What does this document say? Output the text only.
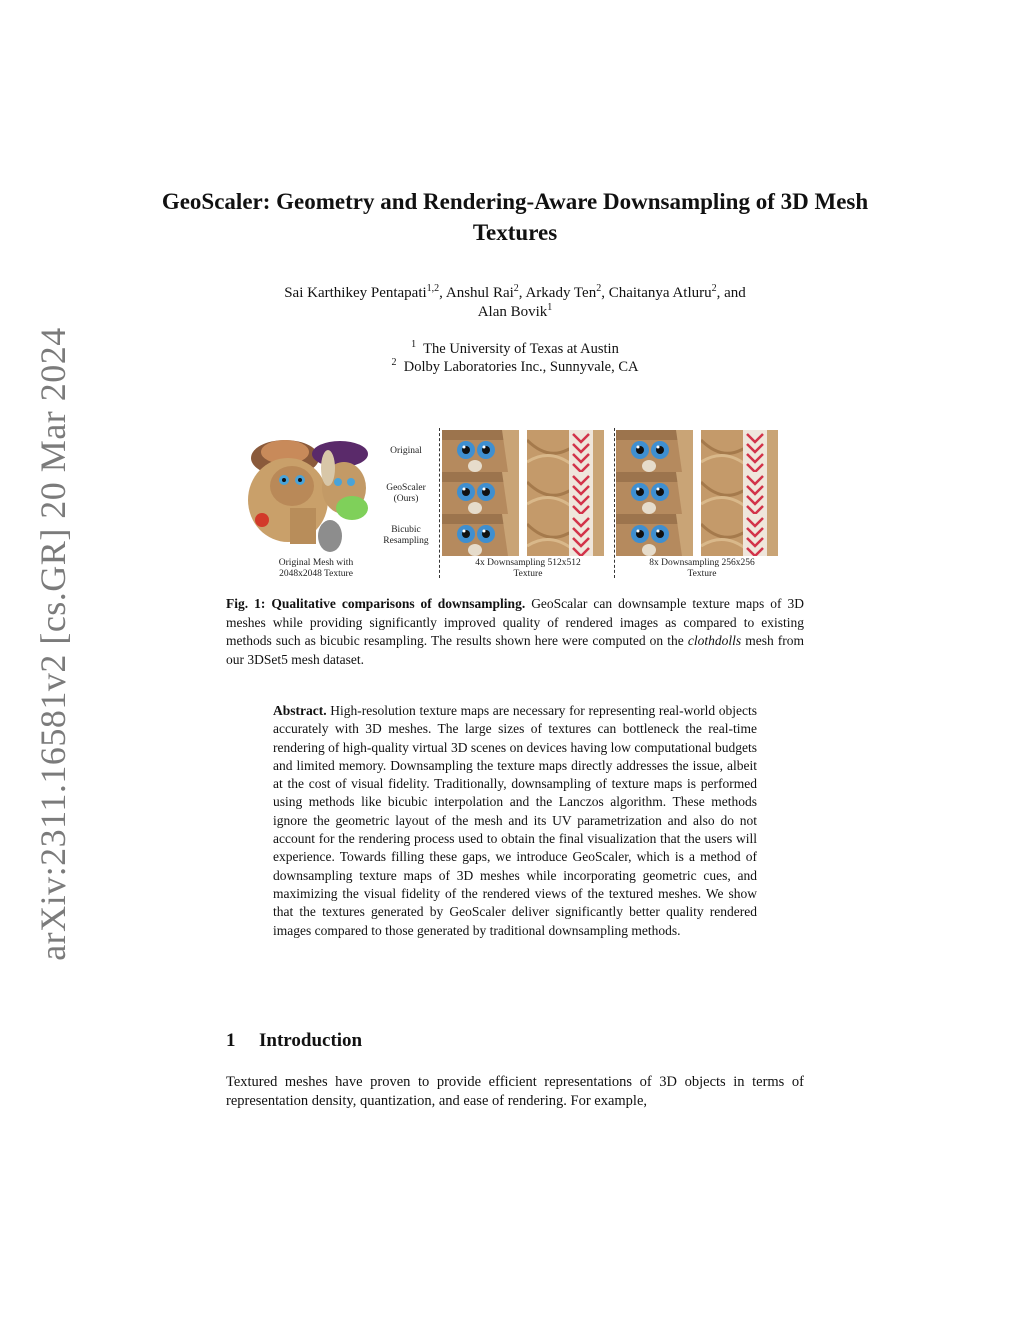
arXiv:2311.16581v2 [cs.GR] 20 Mar 2024
GeoScaler: Geometry and Rendering-Aware Downsampling of 3D Mesh Textures
Sai Karthikey Pentapati$^{1,2}$, Anshul Rai$^2$, Arkady Ten$^2$, Chaitanya Atluru$^2$, and
Alan Bovik$^1$
$^1$ The University of Texas at Austin
$^2$ Dolby Laboratories Inc., Sunnyvale, CA
Original
GeoScaler (Ours)
Bicubic Resampling
Original Mesh with 2048x2048 Texture
4x Downsampling 512x512 Texture
8x Downsampling 256x256 Texture
Fig. 1: Qualitative comparisons of downsampling. GeoScalar can downsample texture maps of 3D meshes while providing significantly improved quality of rendered images as compared to existing methods such as bicubic resampling. The results shown here were computed on the clothdolls mesh from our 3DSet5 mesh dataset.
Abstract. High-resolution texture maps are necessary for representing real-world objects accurately with 3D meshes. The large sizes of textures can bottleneck the real-time rendering of high-quality virtual 3D scenes on devices having low computational budgets and limited memory. Downsampling the texture maps directly addresses the issue, albeit at the cost of visual fidelity. Traditionally, downsampling of texture maps is performed using methods like bicubic interpolation and the Lanczos algorithm. These methods ignore the geometric layout of the mesh and its UV parametrization and also do not account for the rendering process used to obtain the final visualization that the users will experience. Towards filling these gaps, we introduce GeoScaler, which is a method of downsampling texture maps of 3D meshes while incorporating geometric cues, and maximizing the visual fidelity of the rendered views of the textured meshes. We show that the textures generated by GeoScaler deliver significantly better quality rendered images compared to those generated by traditional downsampling methods.
1 Introduction
Textured meshes have proven to provide efficient representations of 3D objects in terms of representation density, quantization, and ease of rendering. For example,
